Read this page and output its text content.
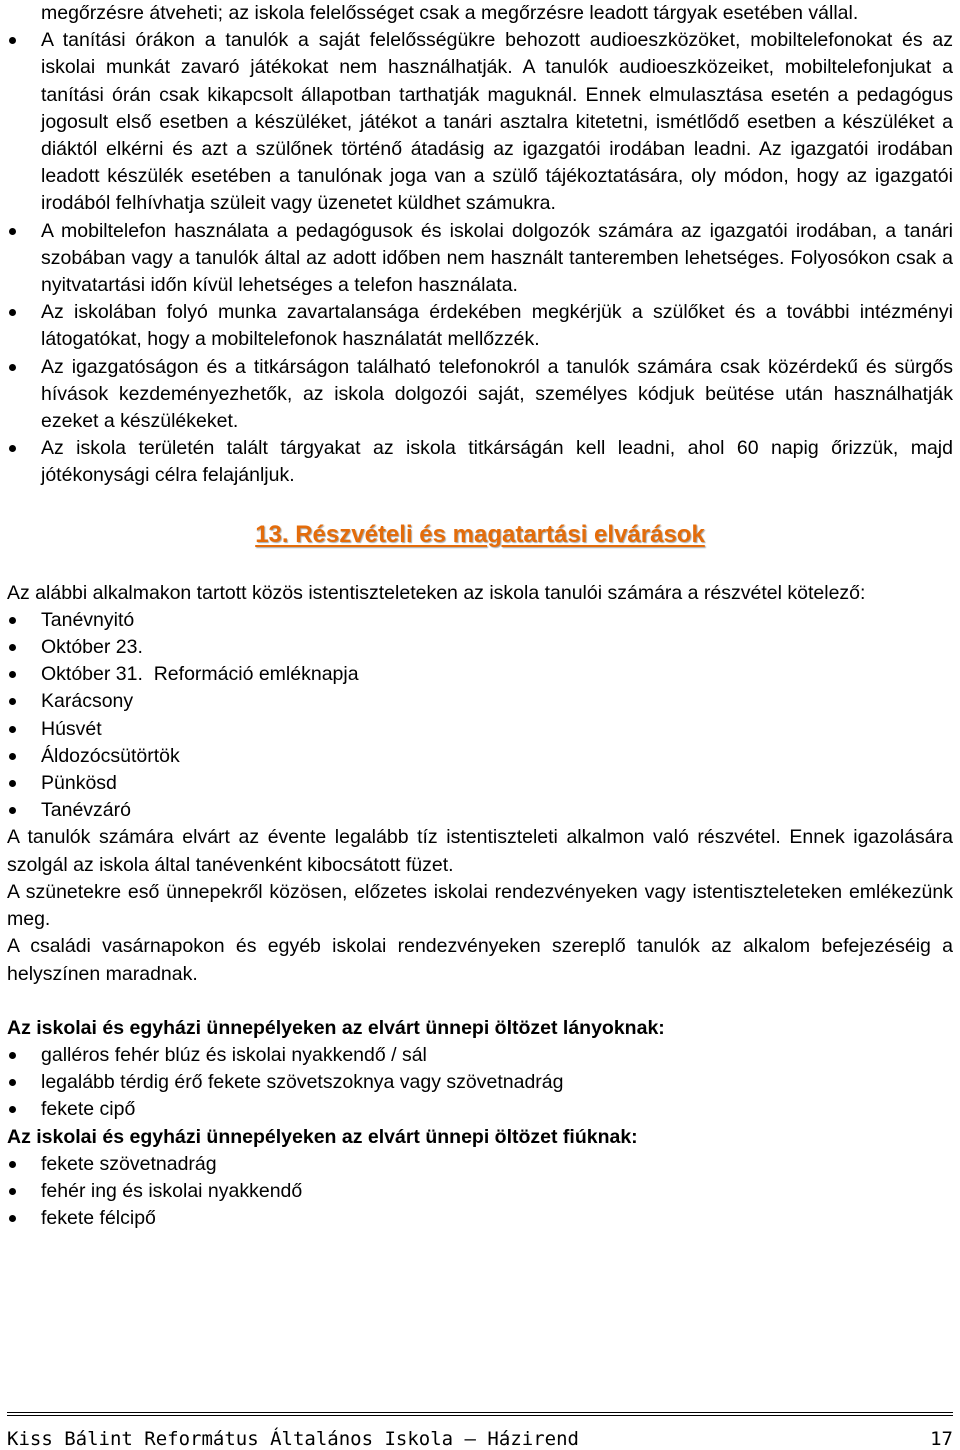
megőrzésre átveheti; az iskola felelősséget csak a megőrzésre leadott tárgyak esetében vállal.

A tanítási órákon a tanulók a saját felelősségükre behozott audioeszközöket, mobiltelefonokat és az iskolai munkát zavaró játékokat nem használhatják. A tanulók audioeszközeiket, mobiltelefonjukat a tanítási órán csak kikapcsolt állapotban tarthatják maguknál. Ennek elmulasztása esetén a pedagógus jogosult első esetben a készüléket, játékot a tanári asztalra kitetetni, ismétlődő esetben a készüléket a diáktól elkérni és azt a szülőnek történő átadásig az igazgatói irodában leadni. Az igazgatói irodában leadott készülék esetében a tanulónak joga van a szülő tájékoztatására, oly módon, hogy az igazgatói irodából felhívhatja szüleit vagy üzenetet küldhet számukra.
A mobiltelefon használata a pedagógusok és iskolai dolgozók számára az igazgatói irodában, a tanári szobában vagy a tanulók által az adott időben nem használt tanteremben lehetséges. Folyosókon csak a nyitvatartási időn kívül lehetséges a telefon használata.
Az iskolában folyó munka zavartalansága érdekében megkérjük a szülőket és a további intézményi látogatókat, hogy a mobiltelefonok használatát mellőzzék.
Az igazgatóságon és a titkárságon található telefonokról a tanulók számára csak közérdekű és sürgős hívások kezdeményezhetők, az iskola dolgozói saját, személyes kódjuk beütése után használhatják ezeket a készülékeket.
Az iskola területén talált tárgyakat az iskola titkárságán kell leadni, ahol 60 napig őrizzük, majd jótékonysági célra felajánljuk.
13. Részvételi és magatartási elvárások

Az alábbi alkalmakon tartott közös istentiszteleteken az iskola tanulói számára a részvétel kötelező:

Tanévnyitó
Október 23.
Október 31.  Reformáció emléknapja
Karácsony
Húsvét
Áldozócsütörtök
Pünkösd
Tanévzáró

A tanulók számára elvárt az évente legalább tíz istentiszteleti alkalmon való részvétel. Ennek igazolására szolgál az iskola által tanévenként kibocsátott füzet.

A szünetekre eső ünnepekről közösen, előzetes iskolai rendezvényeken vagy istentiszteleteken emlékezünk meg.

A családi vasárnapokon és egyéb iskolai rendezvényeken szereplő tanulók az alkalom befejezéséig a helyszínen maradnak.

Az iskolai és egyházi ünnepélyeken az elvárt ünnepi öltözet lányoknak:

galléros fehér blúz és iskolai nyakkendő / sál
legalább térdig érő fekete szövetszoknya vagy szövetnadrág
fekete cipő

Az iskolai és egyházi ünnepélyeken az elvárt ünnepi öltözet fiúknak:

fekete szövetnadrág
fehér ing és iskolai nyakkendő
fekete félcipő
Kiss Bálint Református Általános Iskola – Házirend	17
